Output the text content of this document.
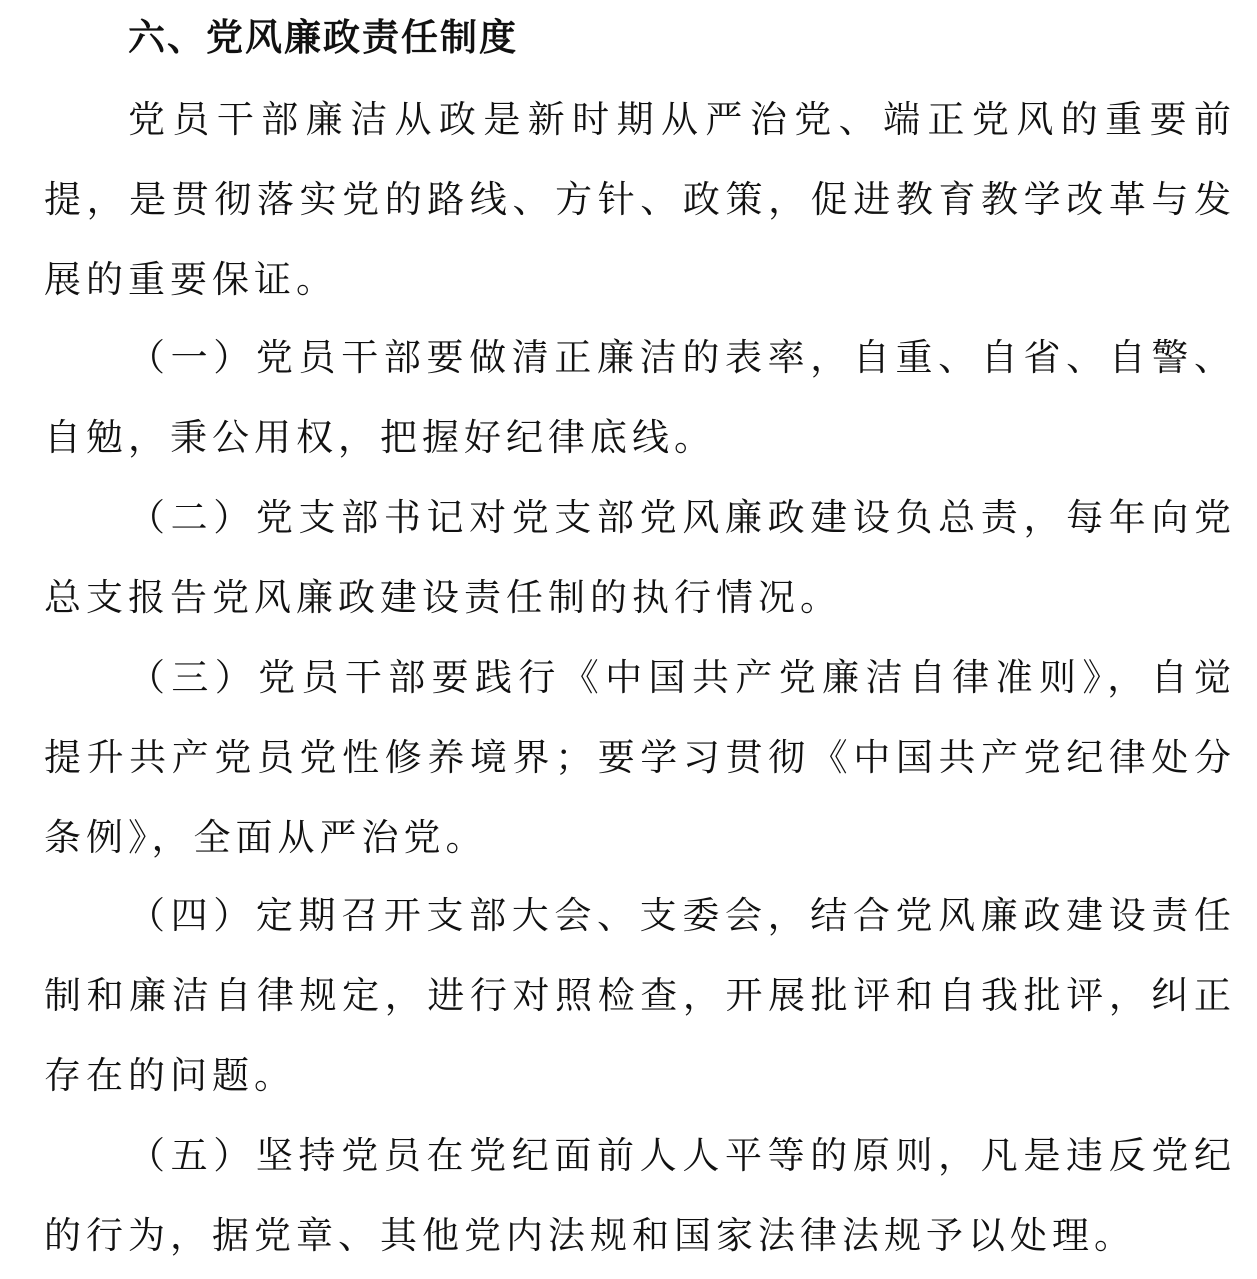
六、党风廉政责任制度

党员干部廉洁从政是新时期从严治党、端正党风的重要前提，是贯彻落实党的路线、方针、政策，促进教育教学改革与发展的重要保证。

（一）党员干部要做清正廉洁的表率，自重、自省、自警、自勉，秉公用权，把握好纪律底线。

（二）党支部书记对党支部党风廉政建设负总责，每年向党总支报告党风廉政建设责任制的执行情况。

（三）党员干部要践行《中国共产党廉洁自律准则》，自觉提升共产党员党性修养境界；要学习贯彻《中国共产党纪律处分条例》，全面从严治党。

（四）定期召开支部大会、支委会，结合党风廉政建设责任制和廉洁自律规定，进行对照检查，开展批评和自我批评，纠正存在的问题。

（五）坚持党员在党纪面前人人平等的原则，凡是违反党纪的行为，据党章、其他党内法规和国家法律法规予以处理。
